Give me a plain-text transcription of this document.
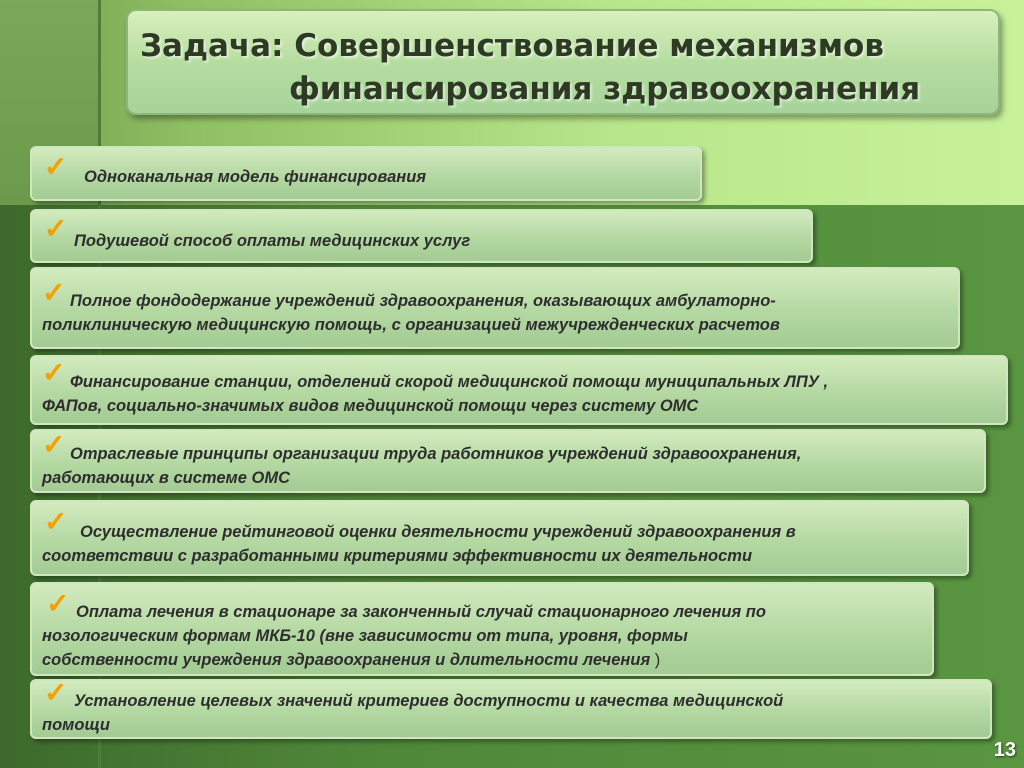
Задача: Совершенствование механизмов
финансирования здравоохранения
✓ Одноканальная модель финансирования
✓ Подушевой способ оплаты медицинских услуг
✓ Полное фондодержание учреждений здравоохранения, оказывающих амбулаторно-
поликлиническую медицинскую помощь, с организацией межучрежденческих расчетов
✓ Финансирование станции, отделений скорой медицинской помощи муниципальных ЛПУ ,
ФАПов, социально-значимых видов медицинской помощи через систему ОМС
✓ Отраслевые принципы организации труда работников учреждений здравоохранения,
работающих в системе ОМС
✓ Осуществление рейтинговой оценки деятельности учреждений здравоохранения в
соответствии с разработанными критериями эффективности их деятельности
✓ Оплата лечения в стационаре за законченный случай стационарного лечения по
нозологическим формам МКБ-10 (вне зависимости от типа, уровня, формы
собственности учреждения здравоохранения и длительности лечения )
✓ Установление целевых значений критериев доступности и качества медицинской
помощи
13
